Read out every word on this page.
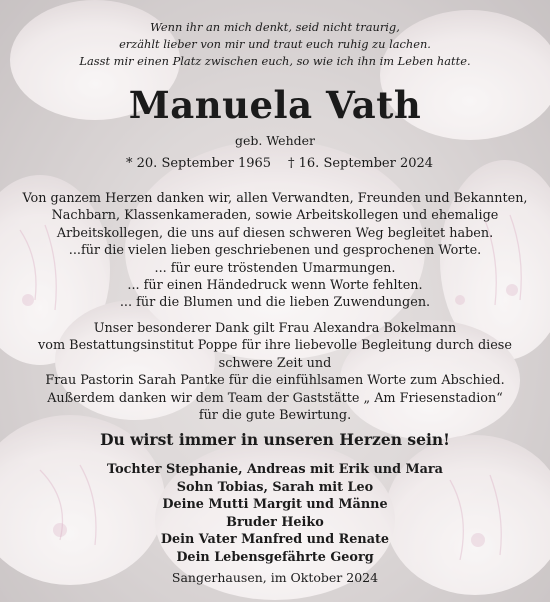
Wenn ihr an mich denkt, seid nicht traurig,
erzählt lieber von mir und traut euch ruhig zu lachen.
Lasst mir einen Platz zwischen euch, so wie ich ihn im Leben hatte.
Manuela Vath
geb. Wehder
* 20. September 1965 † 16. September 2024
Von ganzem Herzen danken wir, allen Verwandten, Freunden und Bekannten,
Nachbarn, Klassenkameraden, sowie Arbeitskollegen und ehemalige
Arbeitskollegen, die uns auf diesen schweren Weg begleitet haben.
...für die vielen lieben geschriebenen und gesprochenen Worte.
... für eure tröstenden Umarmungen.
... für einen Händedruck wenn Worte fehlten.
... für die Blumen und die lieben Zuwendungen.
Unser besonderer Dank gilt Frau Alexandra Bokelmann
vom Bestattungsinstitut Poppe für ihre liebevolle Begleitung durch diese
schwere Zeit und
Frau Pastorin Sarah Pantke für die einfühlsamen Worte zum Abschied.
Außerdem danken wir dem Team der Gaststätte „ Am Friesenstadion“
für die gute Bewirtung.
Du wirst immer in unseren Herzen sein!
Tochter Stephanie, Andreas mit Erik und Mara
Sohn Tobias, Sarah mit Leo
Deine Mutti Margit und Männe
Bruder Heiko
Dein Vater Manfred und Renate
Dein Lebensgefährte Georg
Sangerhausen, im Oktober 2024
